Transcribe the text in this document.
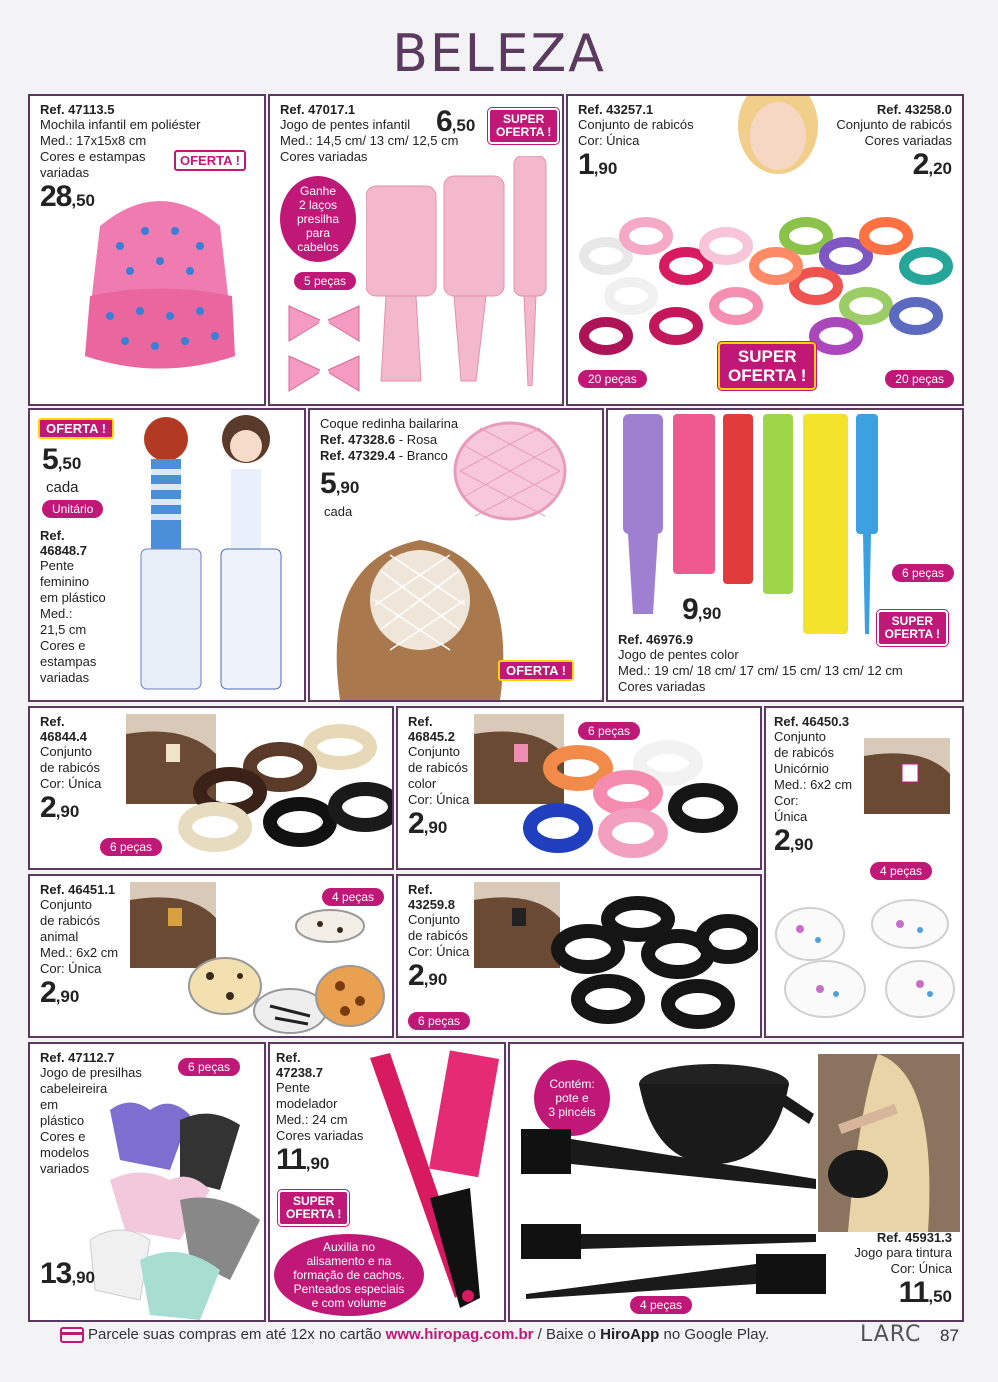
BELEZA
Ref. 47113.5
Mochila infantil em poliéster
Med.: 17x15x8 cm
Cores e estampas
variadas
28,50
OFERTA !
Ref. 47017.1
Jogo de pentes infantil
Med.: 14,5 cm/ 13 cm/ 12,5 cm
Cores variadas
6,50	SUPER
OFERTA !
Ganhe
2 laços
presilha
para
cabelos
5 peças
Ref. 43257.1
Conjunto de rabicós
Cor: Única
1,90
Ref. 43258.0
Conjunto de rabicós
Cores variadas
2,20
20 peças
SUPER
OFERTA !	20 peças
OFERTA !
5,50
cada
Unitário
Ref.
46848.7
Pente
feminino
em plástico
Med.:
21,5 cm
Cores e
estampas
variadas
Coque redinha bailarina
Ref. 47328.6 - Rosa
Ref. 47329.4 - Branco
5,90
cada
OFERTA !
6 peças
9,90	SUPER
OFERTA !
Ref. 46976.9
Jogo de pentes color
Med.: 19 cm/ 18 cm/ 17 cm/ 15 cm/ 13 cm/ 12 cm
Cores variadas
Ref.
46844.4
Conjunto
de rabicós
Cor: Única
2,90
6 peças
Ref.
46845.2
Conjunto
de rabicós
color
Cor: Única
2,90
6 peças
Ref. 46450.3
Conjunto
de rabicós
Unicórnio
Med.: 6x2 cm
Cor:
Única
2,90
4 peças
Ref. 46451.1
Conjunto
de rabicós
animal
Med.: 6x2 cm
Cor: Única
2,90
4 peças	Ref.
43259.8
Conjunto
de rabicós
Cor: Única
2,90
6 peças
Ref. 47112.7
Jogo de presilhas
cabeleireira
em
plástico
Cores e
modelos
variados
6 peças
13,90
Ref.
47238.7
Pente
modelador
Med.: 24 cm
Cores variadas
11,90
SUPER
OFERTA !
Auxilia no
alisamento e na
formação de cachos.
Penteados especiais
e com volume
Contém:
pote e
3 pincéis
Ref. 45931.3
Jogo para tintura
Cor: Única
11,50
4 peças
Parcele suas compras em até 12x no cartão www.hiropag.com.br / Baixe o HiroApp no Google Play.	LARC 87
